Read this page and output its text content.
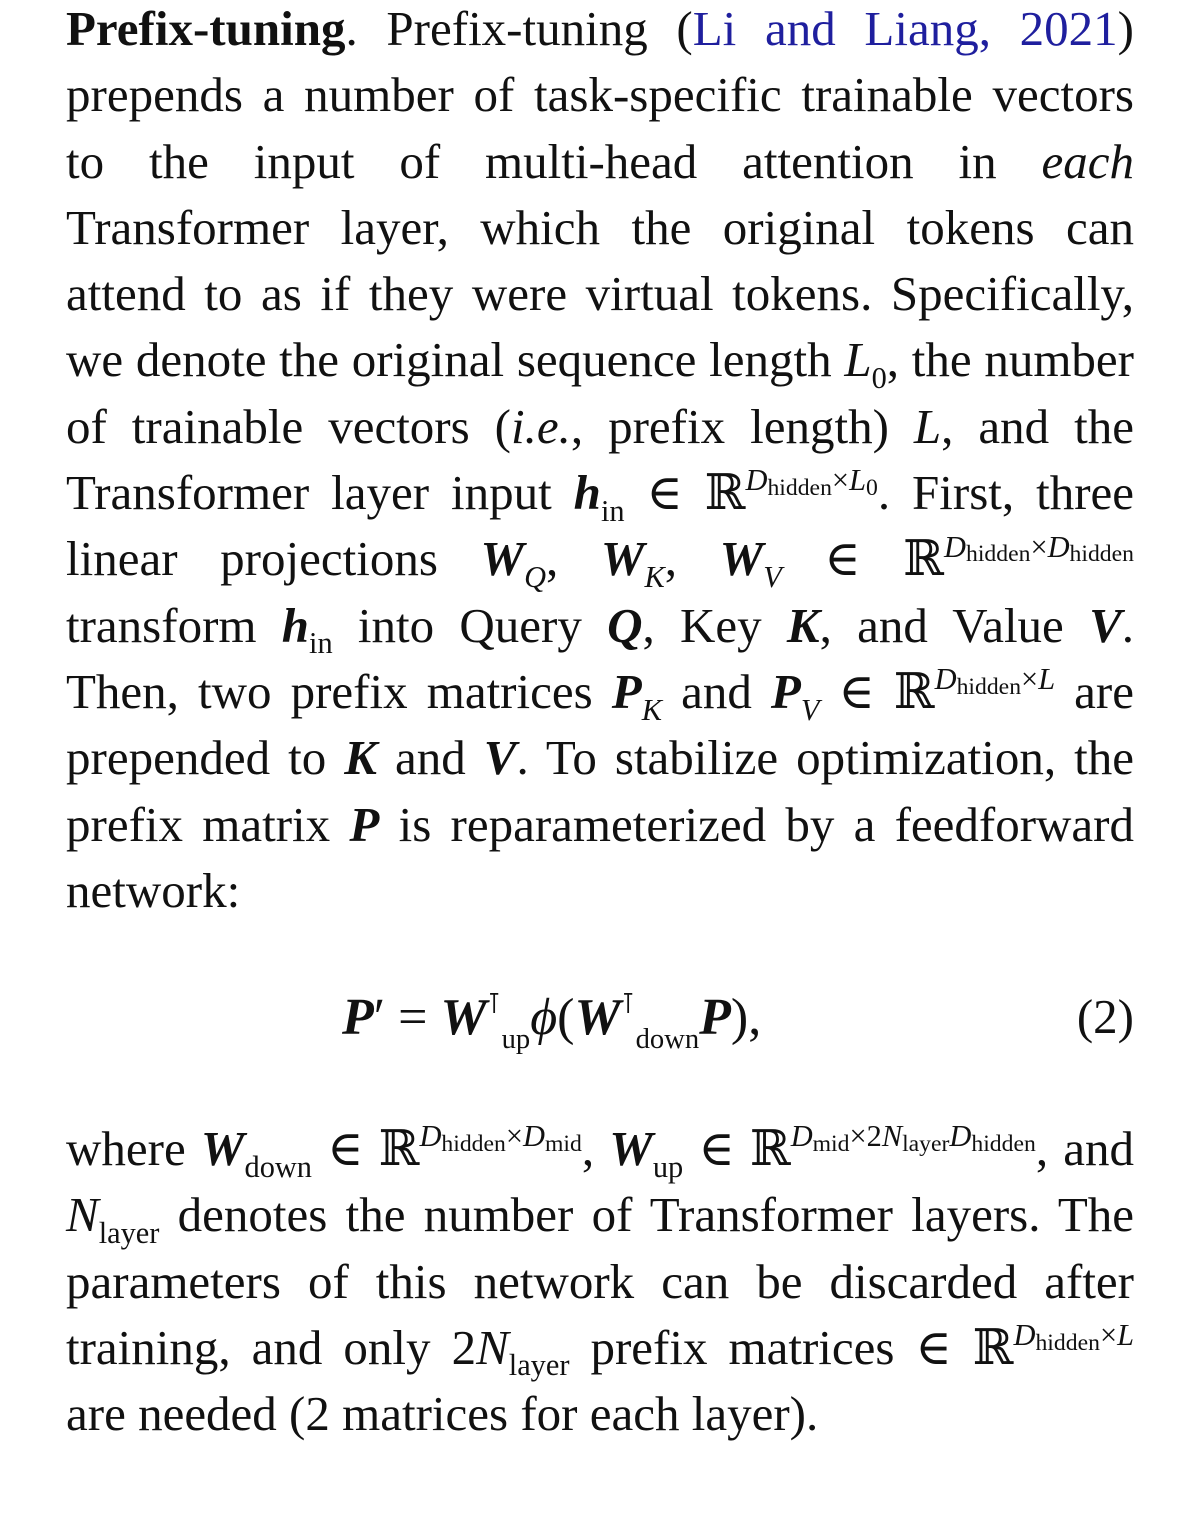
Prefix-tuning. Prefix-tuning (Li and Liang, 2021) prepends a number of task-specific trainable vectors to the input of multi-head attention in each Transformer layer, which the original tokens can attend to as if they were virtual tokens. Specifically, we denote the original sequence length $L_0$, the number of trainable vectors (i.e., prefix length) L, and the Transformer layer input $h_{in}$ ∈ ℝ$^{D_{hidden}\times L_0}$. First, three linear projections $W_Q$, $W_K$, $W_V$ ∈ ℝ$^{D_{hidden}\times D_{hidden}}$ transform $h_{in}$ into Query Q, Key K, and Value V. Then, two prefix matrices $P_K$ and $P_V$ ∈ ℝ$^{D_{hidden}\times L}$ are prepended to K and V. To stabilize optimization, the prefix matrix P is reparameterized by a feedforward network:

$P' = W^⊺_{up}\phi(W^⊺_{down}P)$,	(2)

where $W_{down}$ ∈ ℝ$^{D_{hidden}\times D_{mid}}$, $W_{up}$ ∈ ℝ$^{D_{mid}\times 2N_{layer}D_{hidden}}$, and $N_{layer}$ denotes the number of Transformer layers. The parameters of this network can be discarded after training, and only $2N_{layer}$ prefix matrices ∈ ℝ$^{D_{hidden}\times L}$ are needed (2 matrices for each layer).
